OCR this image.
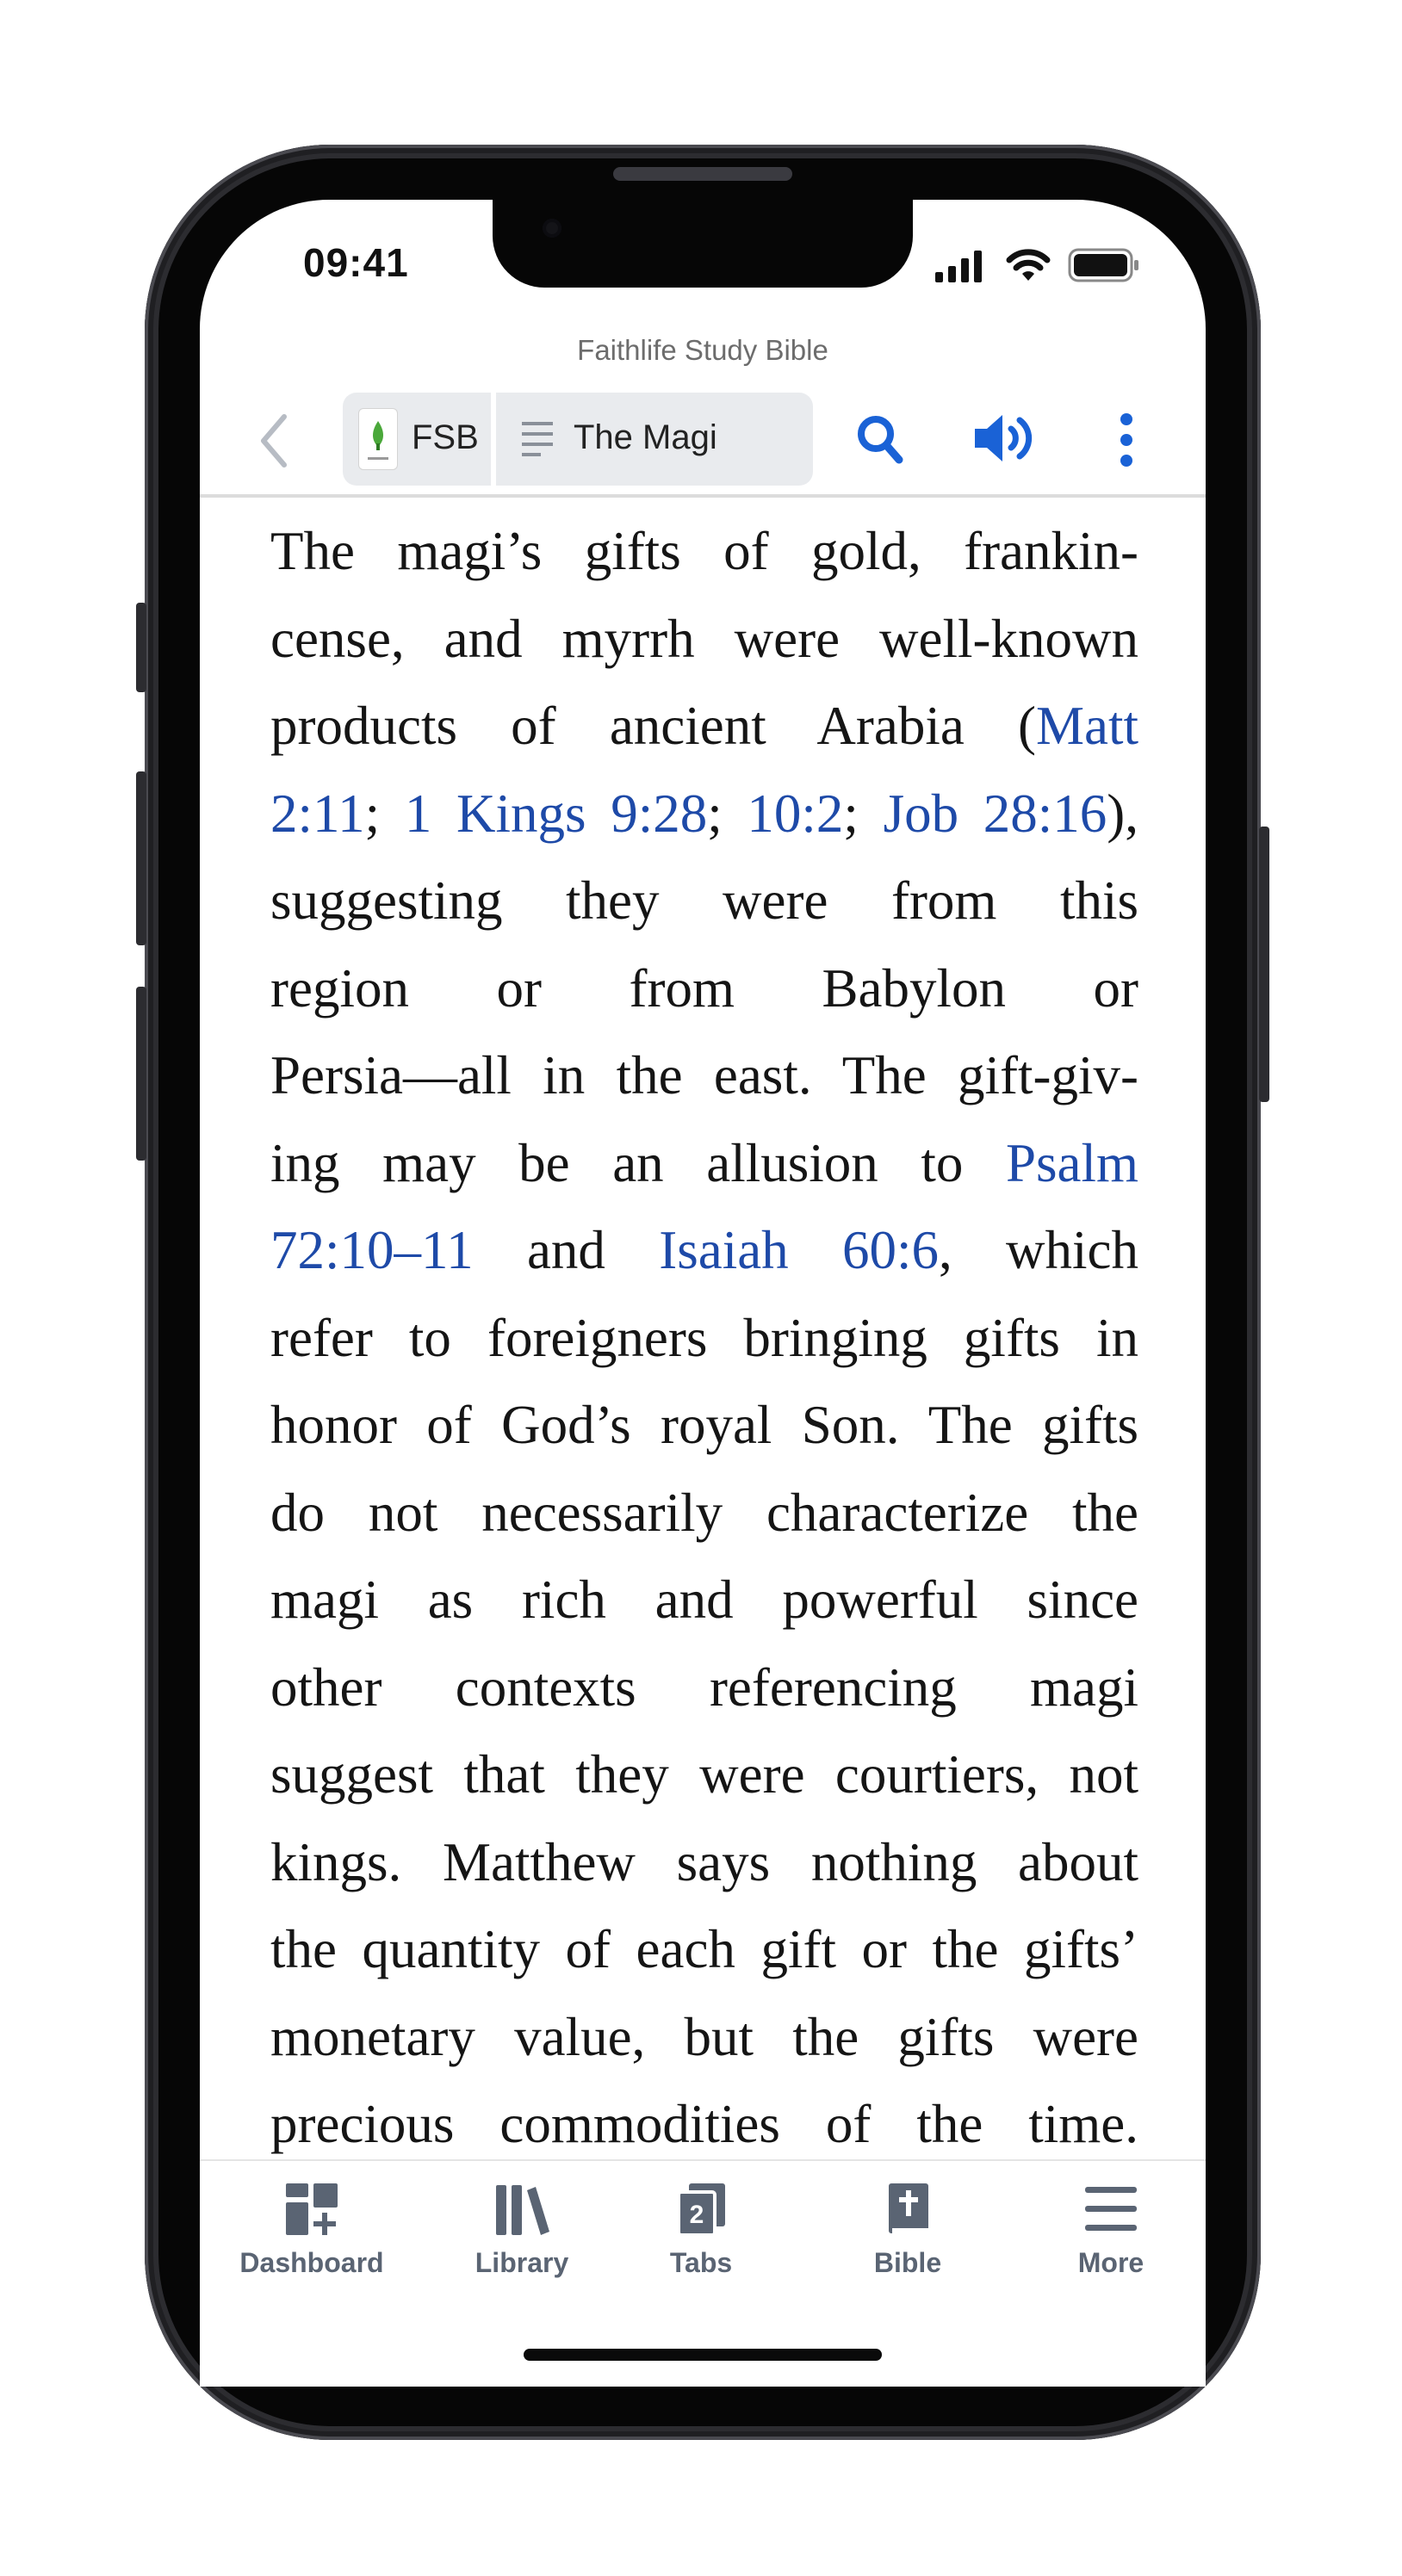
09:41
Faithlife Study Bible
FSB	The Magi
The magi’s gifts of gold, frankin-
cense, and myrrh were well-known
products of ancient Arabia (Matt
2:11; 1 Kings 9:28; 10:2; Job 28:16),
suggesting they were from this
region or from Babylon or
Persia—all in the east. The gift-giv-
ing may be an allusion to Psalm
72:10–11 and Isaiah 60:6, which
refer to foreigners bringing gifts in
honor of God’s royal Son. The gifts
do not necessarily characterize the
magi as rich and powerful since
other contexts referencing magi
suggest that they were courtiers, not
kings. Matthew says nothing about
the quantity of each gift or the gifts’
monetary value, but the gifts were
precious commodities of the time.
Dashboard	Library
2
Tabs	Bible	More
